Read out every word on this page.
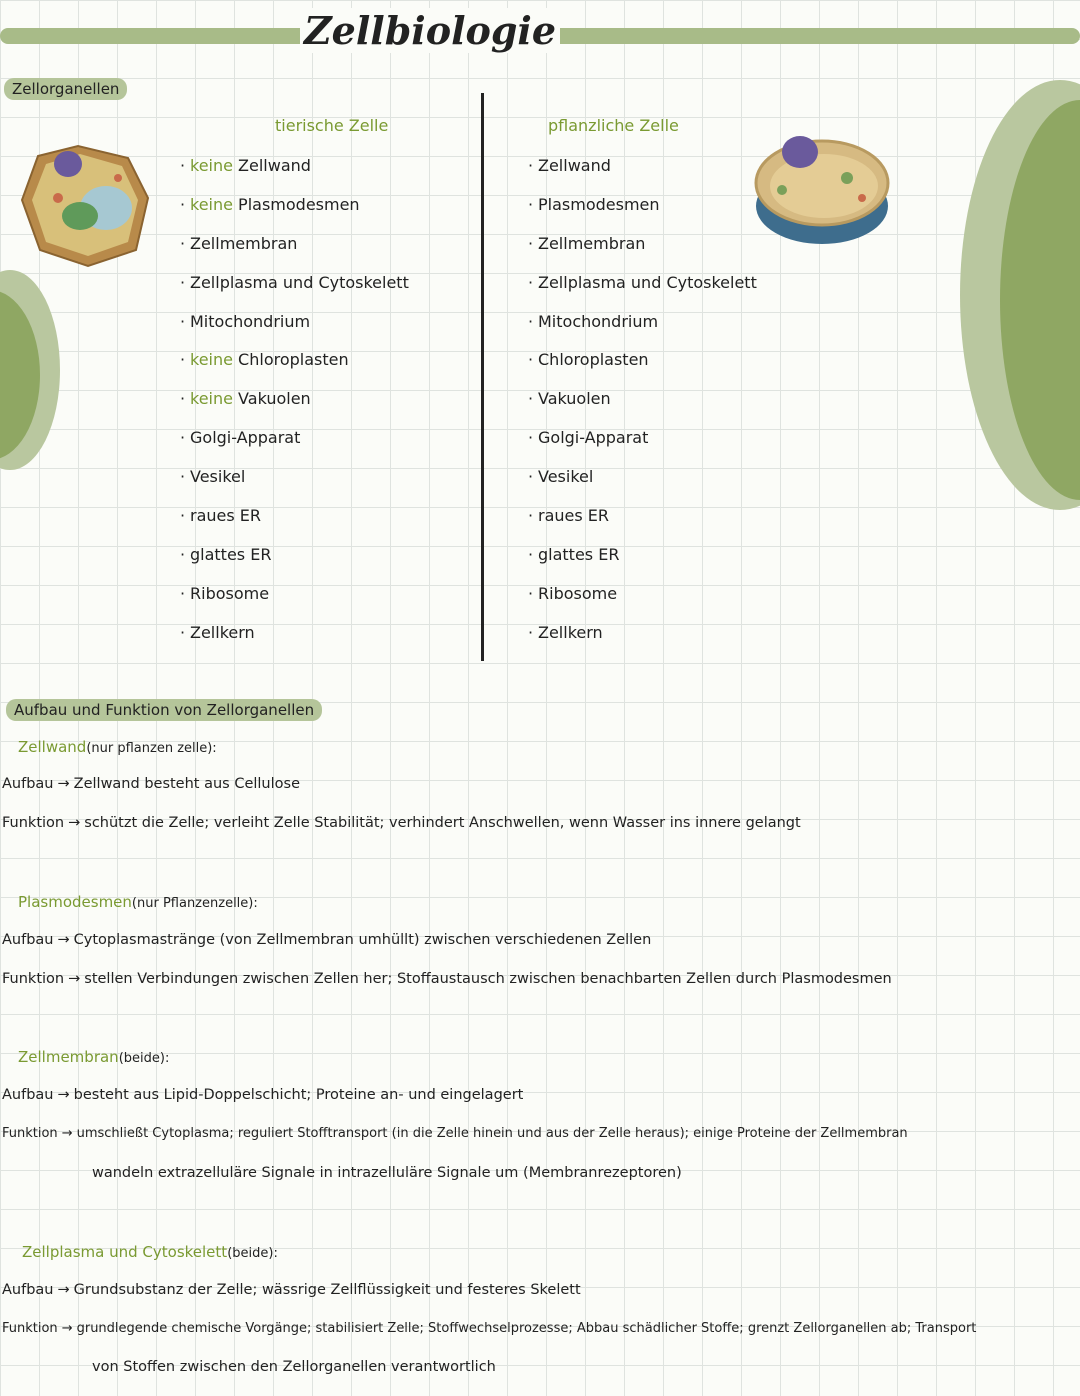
Zellbiologie
Zellorganellen
tierische Zelle	pflanzliche Zelle
· keine Zellwand
· keine Plasmodesmen
· Zellmembran
· Zellplasma und Cytoskelett
· Mitochondrium
· keine Chloroplasten
· keine Vakuolen
· Golgi-Apparat
· Vesikel
· raues ER
· glattes ER
· Ribosome
· Zellkern
· Zellwand
· Plasmodesmen
· Zellmembran
· Zellplasma und Cytoskelett
· Mitochondrium
· Chloroplasten
· Vakuolen
· Golgi-Apparat
· Vesikel
· raues ER
· glattes ER
· Ribosome
· Zellkern
Aufbau und Funktion von Zellorganellen
Zellwand(nur pflanzen zelle):
Aufbau → Zellwand besteht aus Cellulose
Funktion → schützt die Zelle; verleiht Zelle Stabilität; verhindert Anschwellen, wenn Wasser ins innere gelangt
Plasmodesmen(nur Pflanzenzelle):
Aufbau → Cytoplasmastränge (von Zellmembran umhüllt) zwischen verschiedenen Zellen
Funktion → stellen Verbindungen zwischen Zellen her; Stoffaustausch zwischen benachbarten Zellen durch Plasmodesmen
Zellmembran(beide):
Aufbau → besteht aus Lipid-Doppelschicht; Proteine an- und eingelagert
Funktion → umschließt Cytoplasma; reguliert Stofftransport (in die Zelle hinein und aus der Zelle heraus); einige Proteine der Zellmembran
wandeln extrazelluläre Signale in intrazelluläre Signale um (Membranrezeptoren)
Zellplasma und Cytoskelett(beide):
Aufbau → Grundsubstanz der Zelle; wässrige Zellflüssigkeit und festeres Skelett
Funktion → grundlegende chemische Vorgänge; stabilisiert Zelle; Stoffwechselprozesse; Abbau schädlicher Stoffe; grenzt Zellorganellen ab; Transport
von Stoffen zwischen den Zellorganellen verantwortlich
